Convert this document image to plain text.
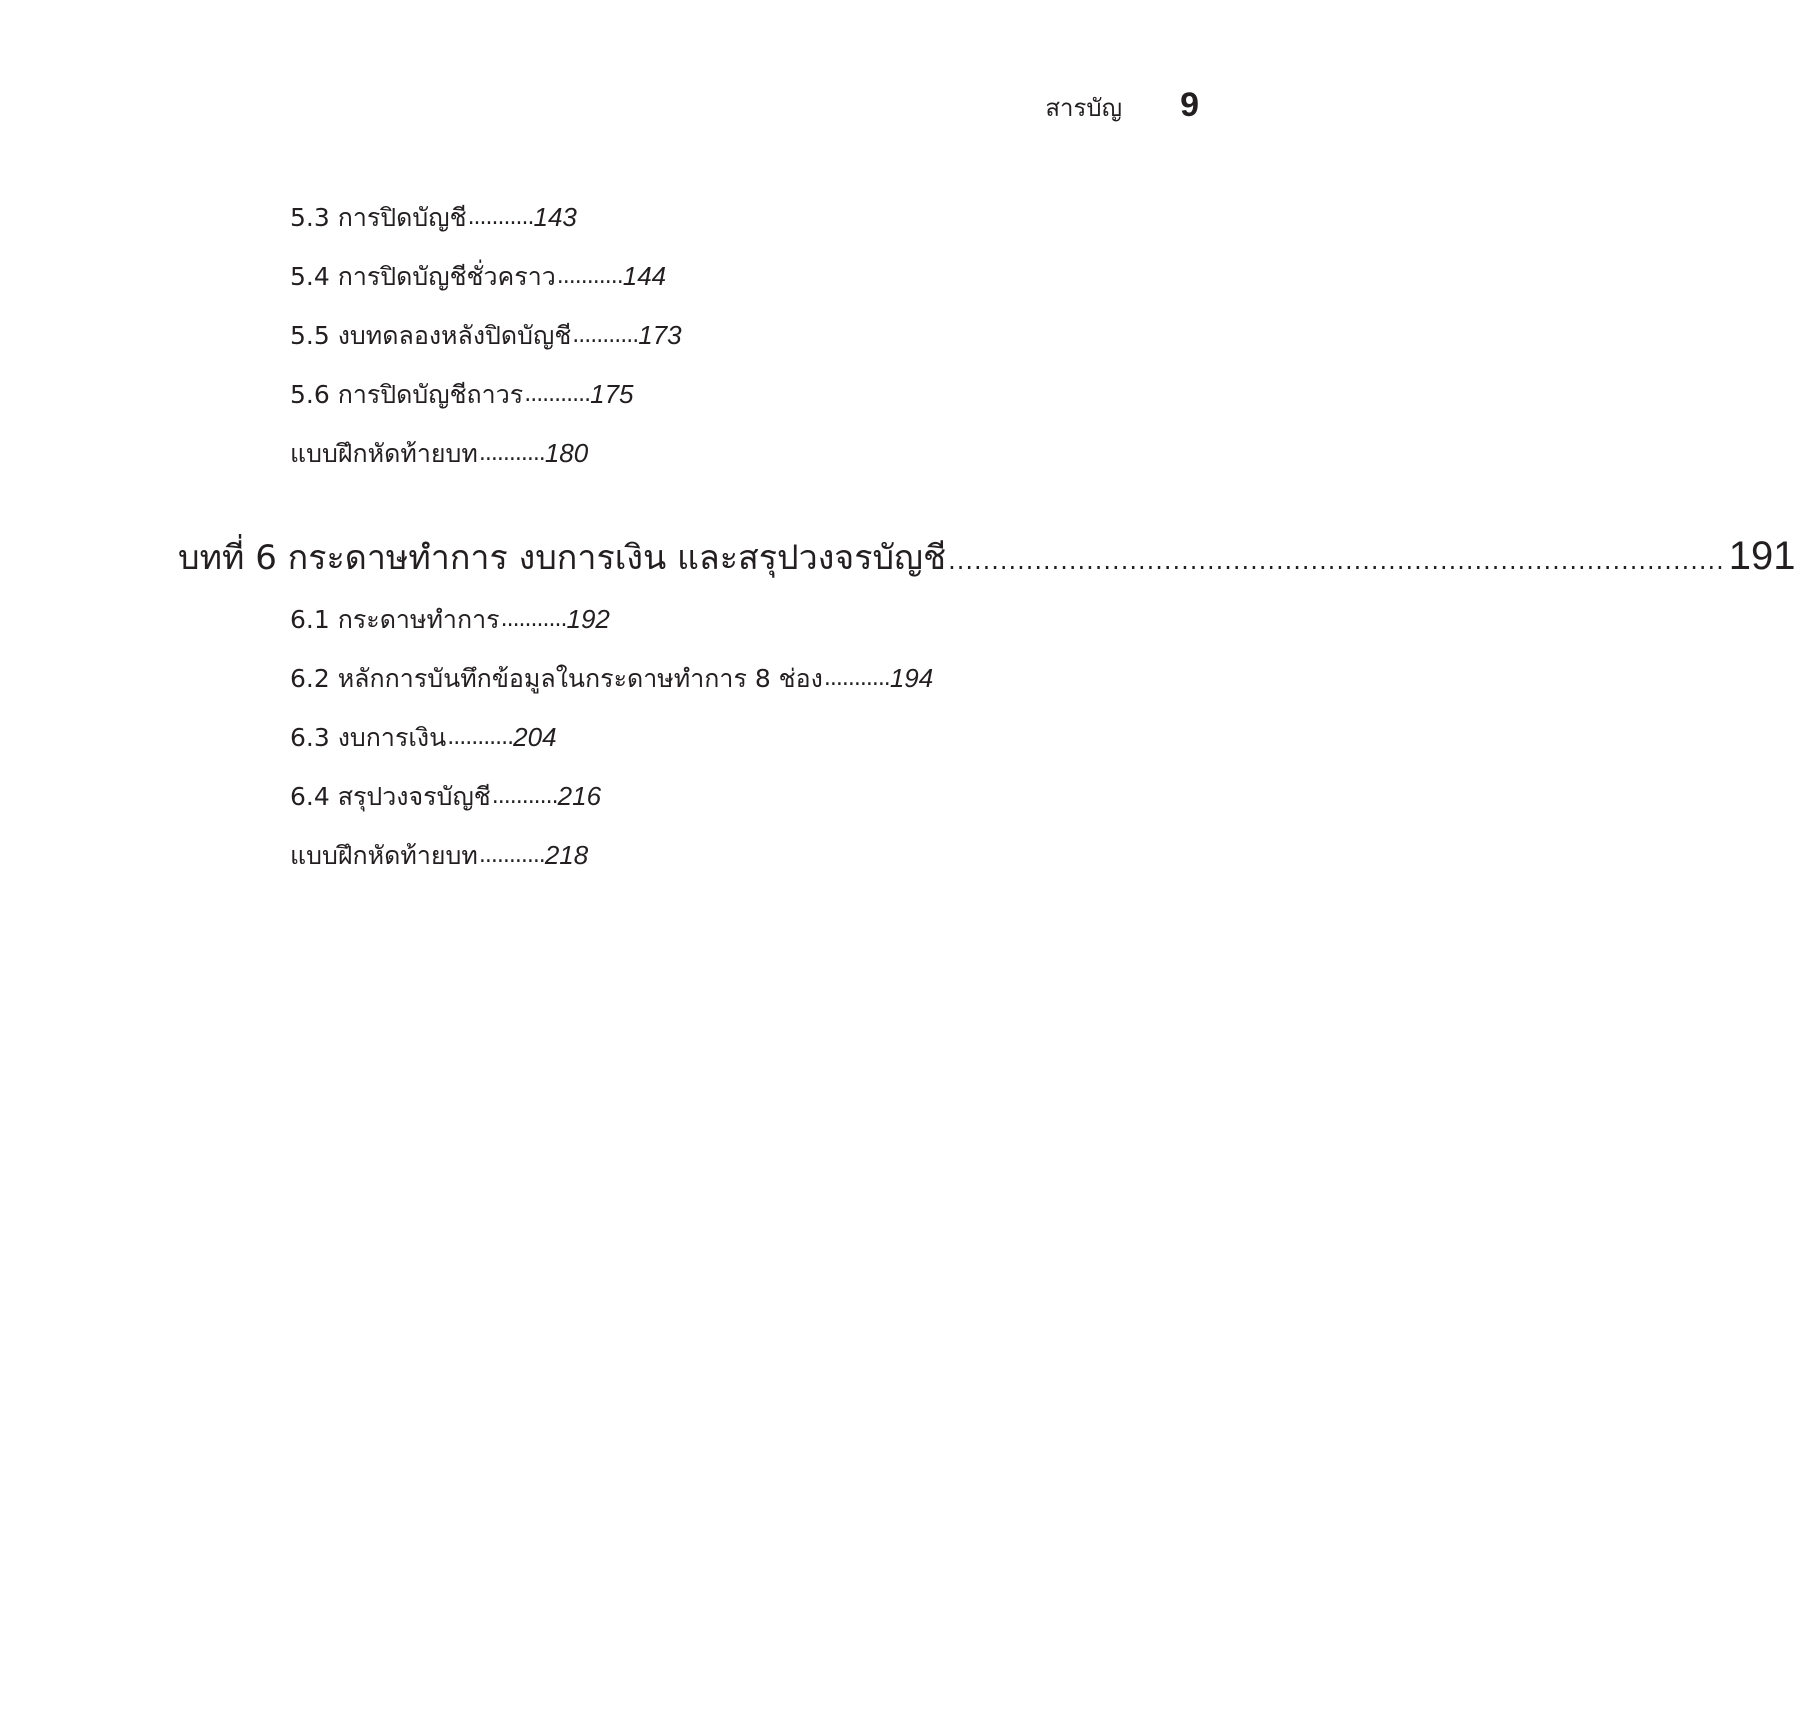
สารบัญ 9
5.3 การปิดบัญชี ........... 143
5.4 การปิดบัญชีชั่วคราว ........... 144
5.5 งบทดลองหลังปิดบัญชี ........... 173
5.6 การปิดบัญชีถาวร ........... 175
แบบฝึกหัดท้ายบท ........... 180
บทที่ 6 กระดาษทำการ งบการเงิน และสรุปวงจรบัญชี .......................................................................................... 191
6.1 กระดาษทำการ ........... 192
6.2 หลักการบันทึกข้อมูลในกระดาษทำการ 8 ช่อง ........... 194
6.3 งบการเงิน ........... 204
6.4 สรุปวงจรบัญชี ........... 216
แบบฝึกหัดท้ายบท ........... 218
